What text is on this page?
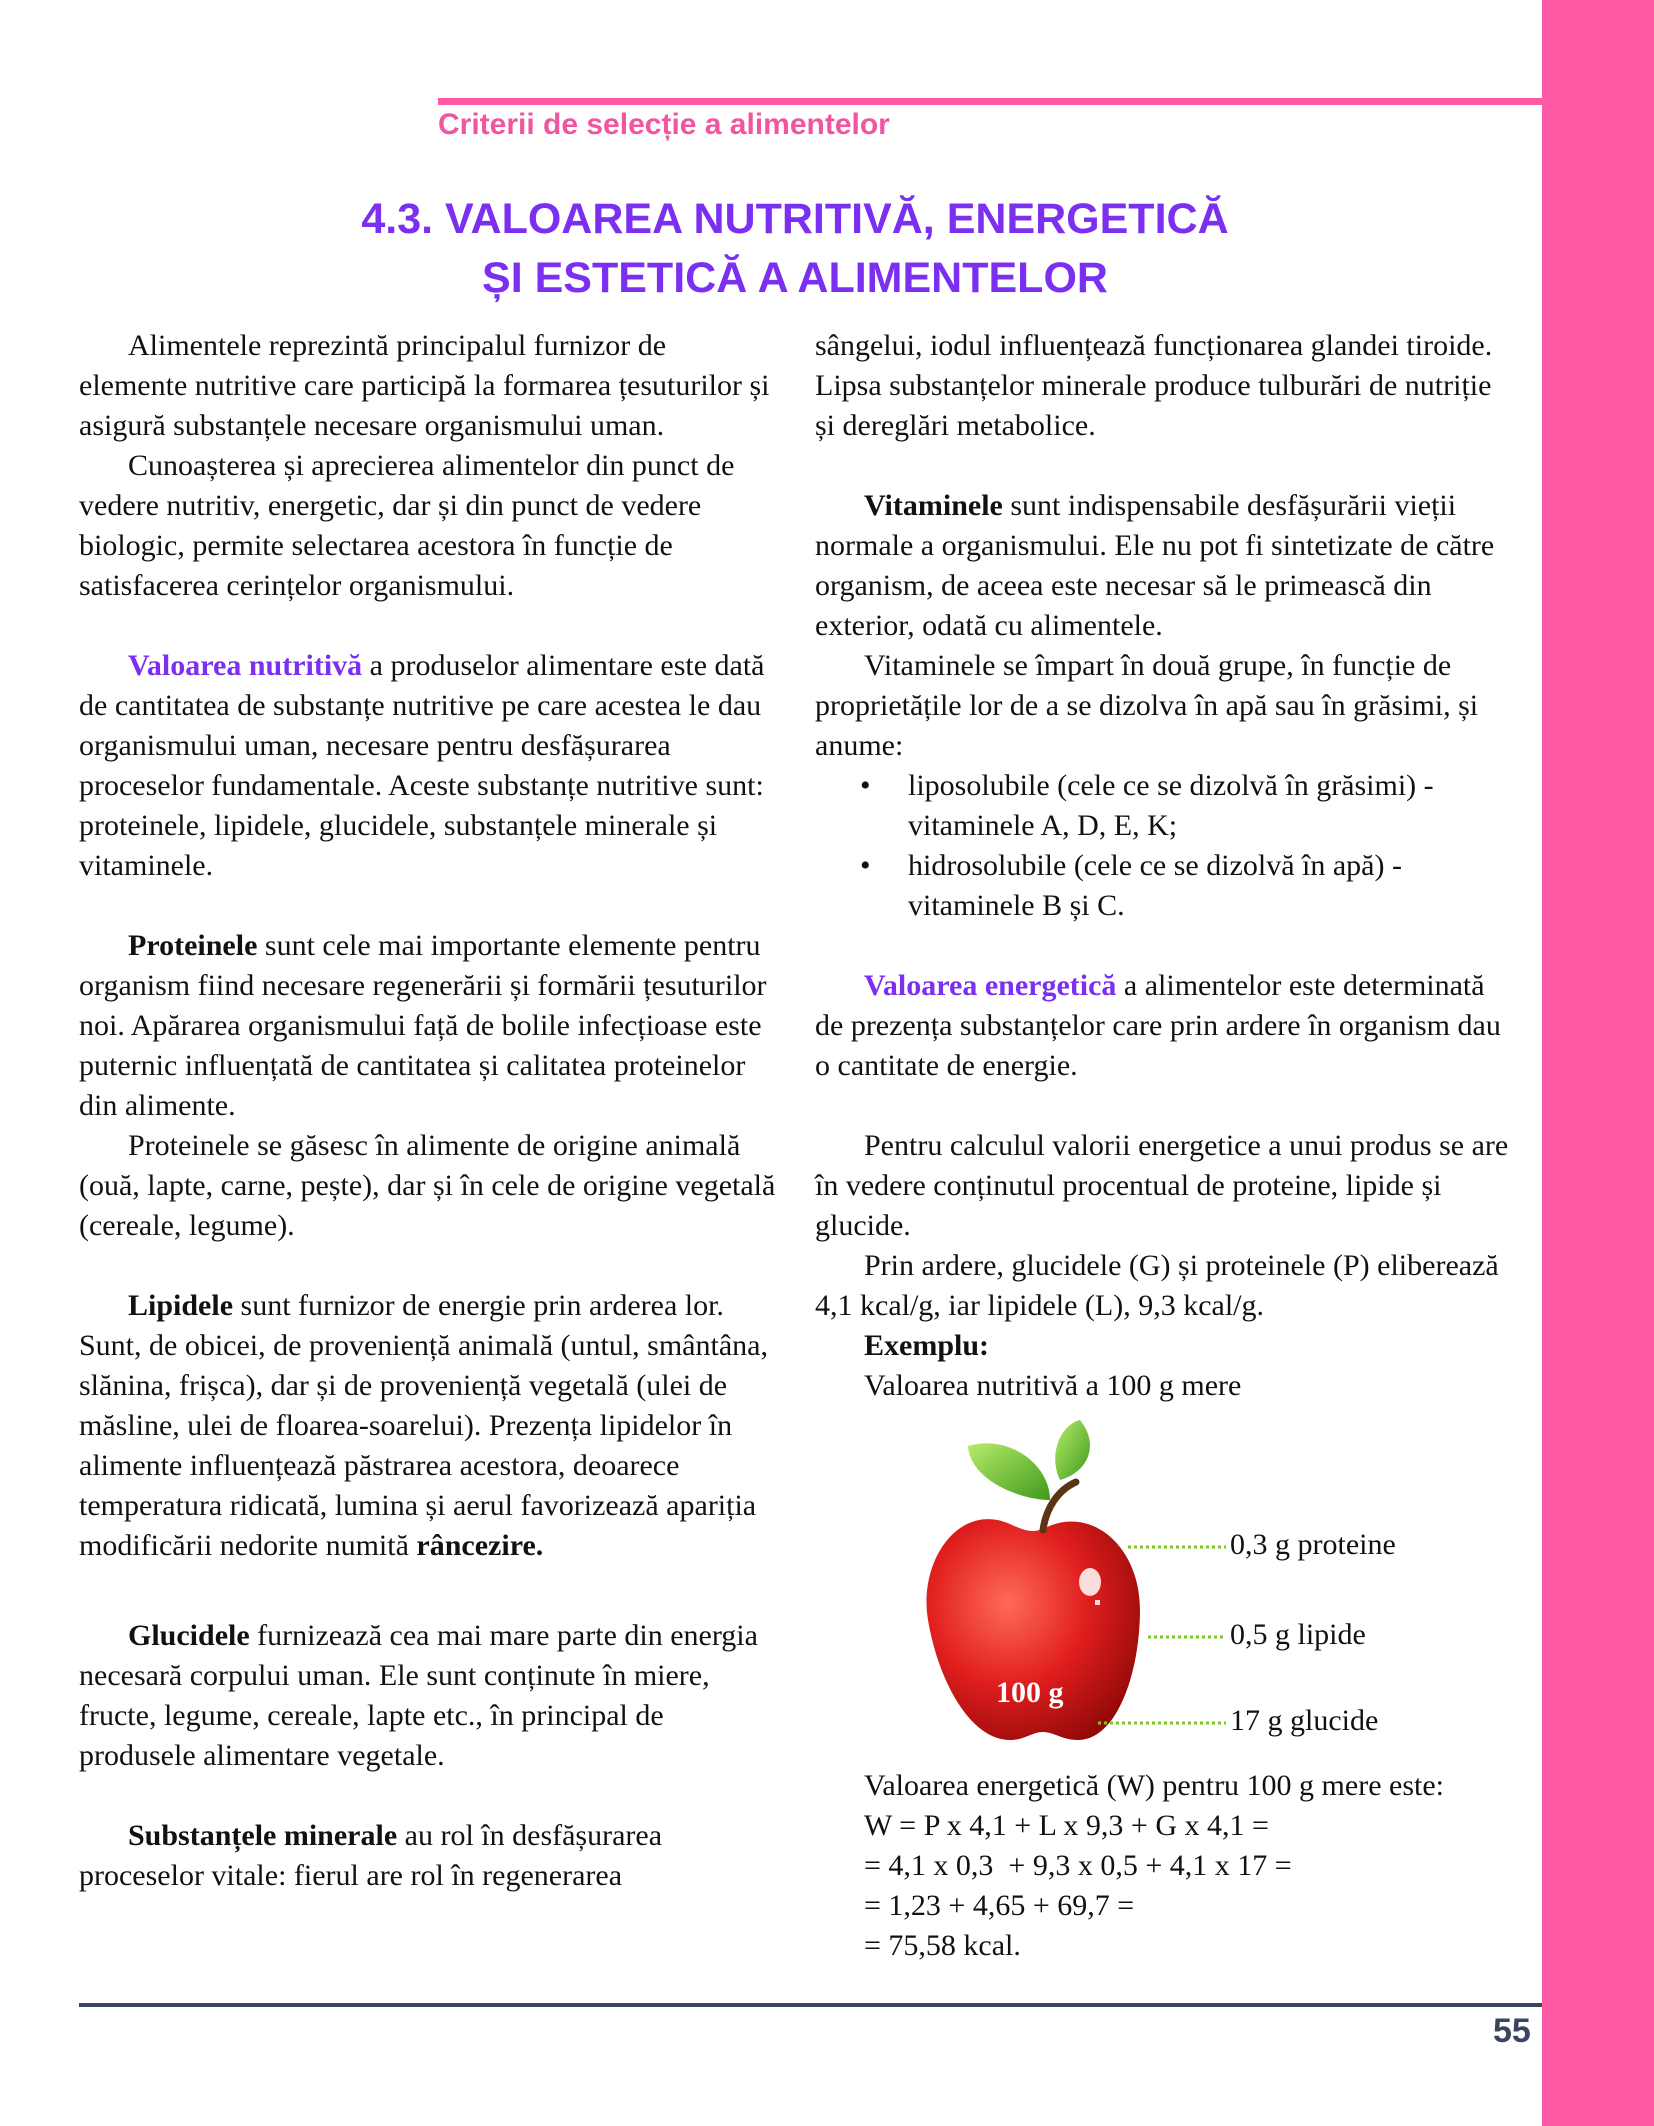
Criterii de selecție a alimentelor
4.3. VALOAREA NUTRITIVĂ, ENERGETICĂ
ȘI ESTETICĂ A ALIMENTELOR

Alimentele reprezintă principalul furnizor de elemente nutritive care participă la formarea țesuturilor și asigură substanțele necesare organismului uman.

Cunoașterea și aprecierea alimentelor din punct de vedere nutritiv, energetic, dar și din punct de vedere biologic, permite selectarea acestora în funcție de satisfacerea cerințelor organismului.

Valoarea nutritivă a produselor alimentare este dată de cantitatea de substanțe nutritive pe care acestea le dau organismului uman, necesare pentru desfășurarea proceselor fundamentale. Aceste substanțe nutritive sunt: proteinele, lipidele, glucidele, substanțele minerale și vitaminele.

Proteinele sunt cele mai importante elemente pentru organism fiind necesare regenerării și formării țesuturilor noi. Apărarea organismului față de bolile infecțioase este puternic influențată de cantitatea și calitatea proteinelor din alimente.

Proteinele se găsesc în alimente de origine animală (ouă, lapte, carne, pește), dar și în cele de origine vegetală (cereale, legume).

Lipidele sunt furnizor de energie prin arderea lor. Sunt, de obicei, de proveniență animală (untul, smântâna, slănina, frișca), dar și de proveniență vegetală (ulei de măsline, ulei de floarea-soarelui). Prezența lipidelor în alimente influențează păstrarea acestora, deoarece temperatura ridicată, lumina și aerul favorizează apariția modificării nedorite numită râncezire.

Glucidele furnizează cea mai mare parte din energia necesară corpului uman. Ele sunt conținute în miere, fructe, legume, cereale, lapte etc., în principal de produsele alimentare vegetale.

Substanțele minerale au rol în desfășurarea proceselor vitale: fierul are rol în regenerarea

sângelui, iodul influențează funcționarea glandei tiroide. Lipsa substanțelor minerale produce tulburări de nutriție și dereglări metabolice.

Vitaminele sunt indispensabile desfășurării vieții normale a organismului. Ele nu pot fi sintetizate de către organism, de aceea este necesar să le primească din exterior, odată cu alimentele.

Vitaminele se împart în două grupe, în funcție de proprietățile lor de a se dizolva în apă sau în grăsimi, și anume:

•	liposolubile (cele ce se dizolvă în grăsimi) - vitaminele A, D, E, K;
•	hidrosolubile (cele ce se dizolvă în apă) - vitaminele B și C.

Valoarea energetică a alimentelor este determinată de prezența substanțelor care prin ardere în organism dau o cantitate de energie.

Pentru calculul valorii energetice a unui produs se are în vedere conținutul procentual de proteine, lipide și glucide.

Prin ardere, glucidele (G) și proteinele (P) eliberează 4,1 kcal/g, iar lipidele (L), 9,3 kcal/g.

Exemplu:

Valoarea nutritivă a 100 g mere

100 g
0,3 g proteine
0,5 g lipide
17 g glucide

Valoarea energetică (W) pentru 100 g mere este:

W = P x 4,1 + L x 9,3 + G x 4,1 =

= 4,1 x 0,3  + 9,3 x 0,5 + 4,1 x 17 =

= 1,23 + 4,65 + 69,7 =

= 75,58 kcal.

55
